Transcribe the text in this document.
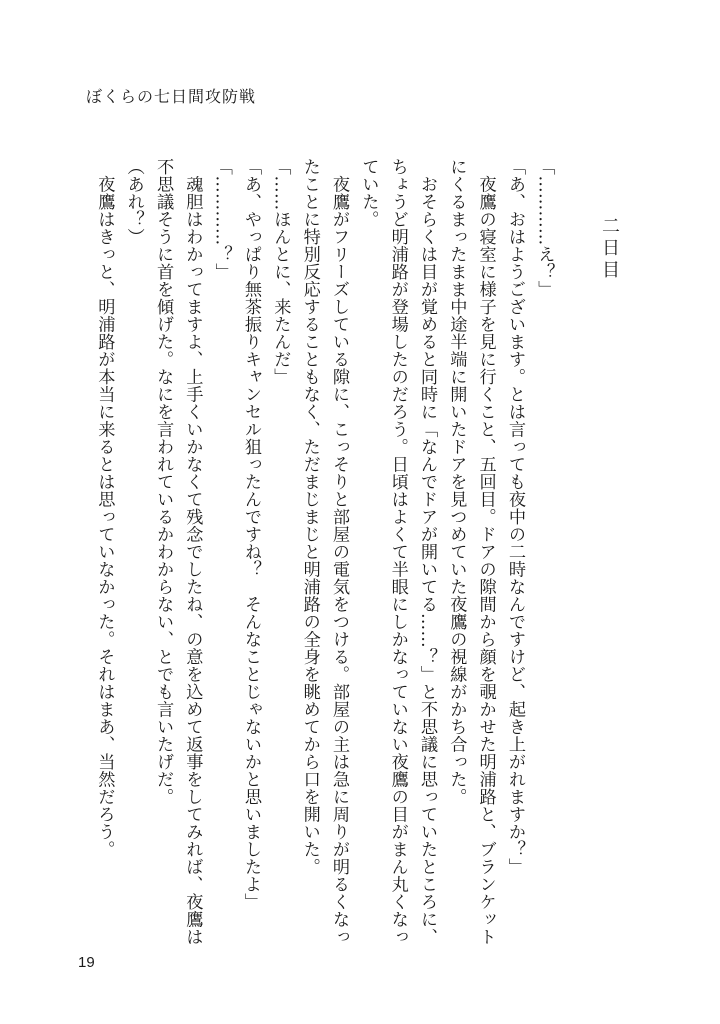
ぼくらの七日間攻防戦
二日目
「…………え？」
「あ、おはようございます。とは言っても夜中の二時なんですけど、起き上がれますか？」
　夜鷹の寝室に様子を見に行くこと、五回目。ドアの隙間から顔を覗かせた明浦路と、ブランケット
にくるまったまま中途半端に開いたドアを見つめていた夜鷹の視線がかち合った。
　おそらくは目が覚めると同時に「なんでドアが開いてる……？」と不思議に思っていたところに、
ちょうど明浦路が登場したのだろう。日頃はよくて半眼にしかなっていない夜鷹の目がまん丸くなっ
ていた。
　夜鷹がフリーズしている隙に、こっそりと部屋の電気をつける。部屋の主は急に周りが明るくなっ
たことに特別反応することもなく、ただまじまじと明浦路の全身を眺めてから口を開いた。
「……ほんとに、来たんだ」
「あ、やっぱり無茶振りキャンセル狙ったんですね？　そんなことじゃないかと思いましたよ」
「…………？」
　魂胆はわかってますよ、上手くいかなくて残念でしたね、の意を込めて返事をしてみれば、夜鷹は
不思議そうに首を傾げた。なにを言われているかわからない、とでも言いたげだ。
（あれ？）
　夜鷹はきっと、明浦路が本当に来るとは思っていなかった。それはまあ、当然だろう。
19
